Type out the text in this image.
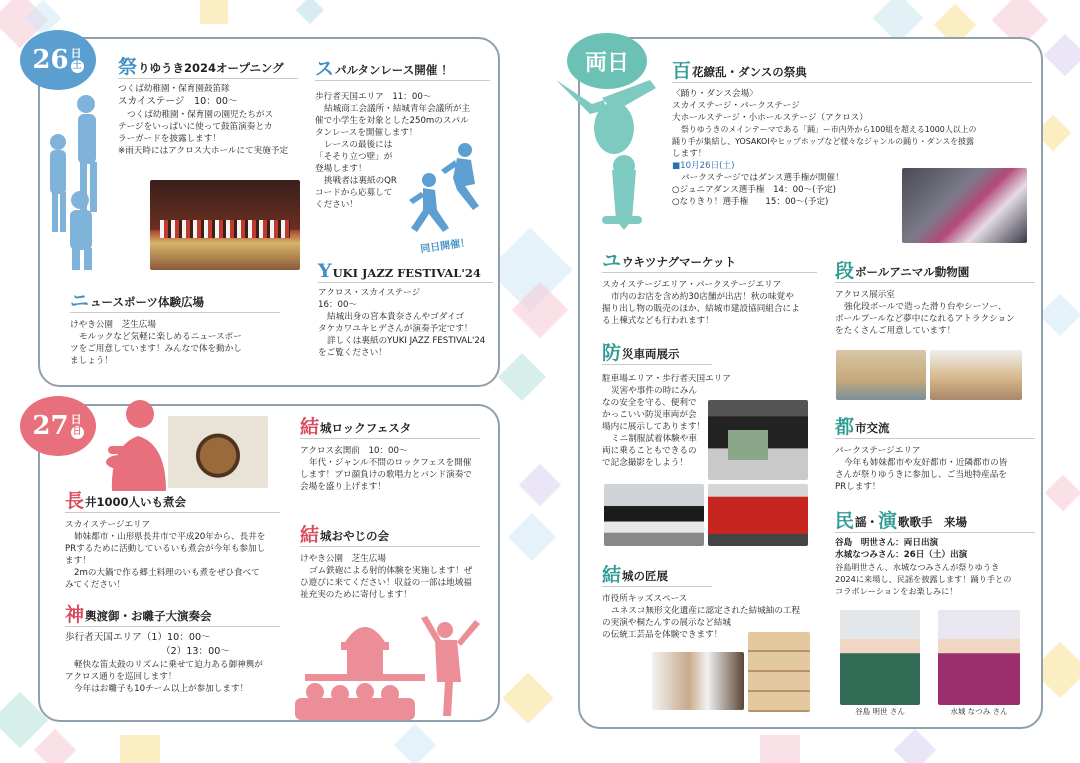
26 日
土 祭 りゆうき2024オープニング
つくば幼稚園・保育園鼓笛隊
スカイステージ　10：00～
つくば幼稚園・保育園の園児たちがス
テージをいっぱいに使って鼓笛演奏とカ
ラーガードを披露します！
※雨天時にはアクロス大ホールにて実施予定
ス パルタンレース開催 ！
歩行者天国エリア　11：00～
結城商工会議所・結城青年会議所が主
催で小学生を対象とした250mのスパル
タンレースを開催します！
レースの最後には
「そそり立つ壁」が
登場します！
挑戦者は裏紙のQR
コードから応募して
ください！
同日開催！
Y UKI JAZZ FESTIVAL'24
アクロス・スカイステージ
16：00～
結城出身の宮本貴奈さんやゴダイゴ
タケカワユキヒデさんが演奏予定です！
詳しくは裏紙のYUKI JAZZ FESTIVAL'24
をご覧ください！
ニ ュースポーツ体験広場
けやき公園　芝生広場
モルックなど気軽に楽しめるニュースポー
ツをご用意しています！みんなで体を動かし
ましょう！
27 日
日
長 井1000人いも煮会
スカイステージエリア
姉妹都市・山形県長井市で平成20年から、長井を
PRするために活動しているいも煮会が今年も参加し
ます！
2mの大鍋で作る郷土料理のいも煮をぜひ食べて
みてください！
結 城ロックフェスタ
アクロス玄関前　10：00～
年代・ジャンル不問のロックフェスを開催
します！プロ顔負けの歌唱力とバンド演奏で
会場を盛り上げます！
結 城おやじの会
けやき公園　芝生広場
ゴム鉄砲による射的体験を実施します！ぜ
ひ遊びに来てください！収益の一部は地域福
祉充実のために寄付します！
神 輿渡御・お囃子大演奏会
歩行者天国エリア（1）10：00～
（2）13：00～
軽快な笛太鼓のリズムに乗せて迫力ある御神輿が
アクロス通りを巡回します！
今年はお囃子も10チーム以上が参加します！
両日 百 花繚乱・ダンスの祭典
〈踊り・ダンス会場〉
スカイステージ・パークステージ
大ホールステージ・小ホールステージ（アクロス）
祭りゆうきのメインテーマである「踊」ー市内外から100組を超える1000人以上の
踊り手が集結し、YOSAKOIやヒップホップなど様々なジャンルの踊り・ダンスを披露
します！
■10月26日(土)
パークステージではダンス選手権が開催！
○ジュニアダンス選手権　14：00～(予定)
○なりきり！選手権　　15：00～(予定)
ユ ウキツナグマーケット
スカイステージエリア・パークステージエリア
市内のお店を含め約30店舗が出店！秋の味覚や
掘り出し物の販売のほか、結城市建設協同組合によ
る上棟式なども行われます！
段 ボールアニマル動物園
アクロス展示室
強化段ボールで造った滑り台やシーソー、
ボールプールなど夢中になれるアトラクション
をたくさんご用意しています！
防 災車両展示
駐車場エリア・歩行者天国エリア
災害や事件の時にみん
なの安全を守る、便利で
かっこいい防災車両が会
場内に展示してあります！
ミニ制服試着体験や車
両に乗ることもできるの
で記念撮影をしよう！
都 市交流
パークステージエリア
今年も姉妹都市や友好都市・近隣都市の皆
さんが祭りゆうきに参加し、ご当地特産品を
PRします！
民 謡・ 演 歌歌手　来場
谷島　明世さん：両日出演
水城なつみさん：26日（土）出演
谷島明世さん、水城なつみさんが祭りゆうき
2024に来場し、民謡を披露します！踊り手との
コラボレーションをお楽しみに！
谷島 明世 さん	水城 なつみ さん
結 城の匠展
市役所キッズスペース
ユネスコ無形文化遺産に認定された結城紬の工程
の実演や桐たんすの展示など結城
の伝統工芸品を体験できます！
